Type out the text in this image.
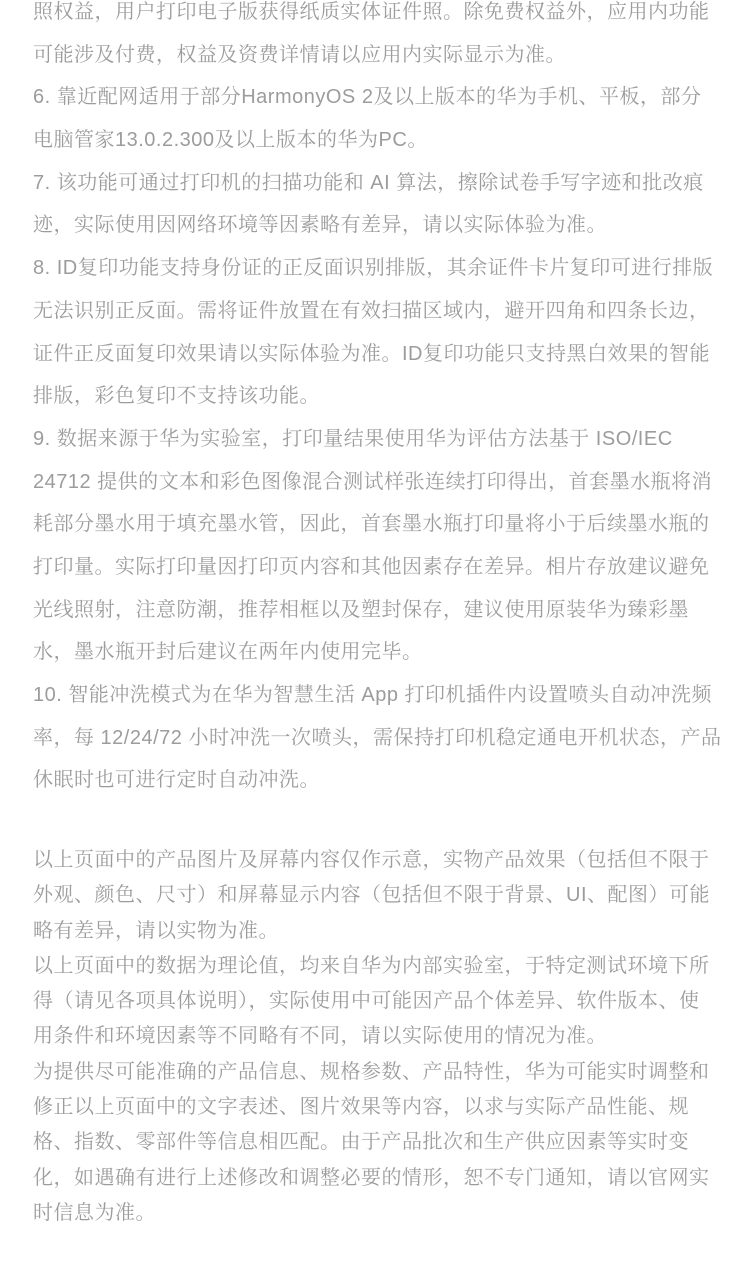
照权益，用户打印电子版获得纸质实体证件照。除免费权益外，应用内功能
可能涉及付费，权益及资费详情请以应用内实际显示为准。
6. 靠近配网适用于部分HarmonyOS 2及以上版本的华为手机、平板，部分
电脑管家13.0.2.300及以上版本的华为PC。
7. 该功能可通过打印机的扫描功能和 AI 算法，擦除试卷手写字迹和批改痕
迹，实际使用因网络环境等因素略有差异，请以实际体验为准。
8. ID复印功能支持身份证的正反面识别排版，其余证件卡片复印可进行排版
无法识别正反面。需将证件放置在有效扫描区域内，避开四角和四条长边，
证件正反面复印效果请以实际体验为准。ID复印功能只支持黑白效果的智能
排版，彩色复印不支持该功能。
9. 数据来源于华为实验室，打印量结果使用华为评估方法基于 ISO/IEC
24712 提供的文本和彩色图像混合测试样张连续打印得出，首套墨水瓶将消
耗部分墨水用于填充墨水管，因此，首套墨水瓶打印量将小于后续墨水瓶的
打印量。实际打印量因打印页内容和其他因素存在差异。相片存放建议避免
光线照射，注意防潮，推荐相框以及塑封保存，建议使用原装华为臻彩墨
水，墨水瓶开封后建议在两年内使用完毕。
10. 智能冲洗模式为在华为智慧生活 App 打印机插件内设置喷头自动冲洗频
率，每 12/24/72 小时冲洗一次喷头，需保持打印机稳定通电开机状态，产品
休眠时也可进行定时自动冲洗。
以上页面中的产品图片及屏幕内容仅作示意，实物产品效果（包括但不限于
外观、颜色、尺寸）和屏幕显示内容（包括但不限于背景、UI、配图）可能
略有差异，请以实物为准。
以上页面中的数据为理论值，均来自华为内部实验室，于特定测试环境下所
得（请见各项具体说明），实际使用中可能因产品个体差异、软件版本、使
用条件和环境因素等不同略有不同，请以实际使用的情况为准。
为提供尽可能准确的产品信息、规格参数、产品特性，华为可能实时调整和
修正以上页面中的文字表述、图片效果等内容，以求与实际产品性能、规
格、指数、零部件等信息相匹配。由于产品批次和生产供应因素等实时变
化，如遇确有进行上述修改和调整必要的情形，恕不专门通知，请以官网实
时信息为准。
